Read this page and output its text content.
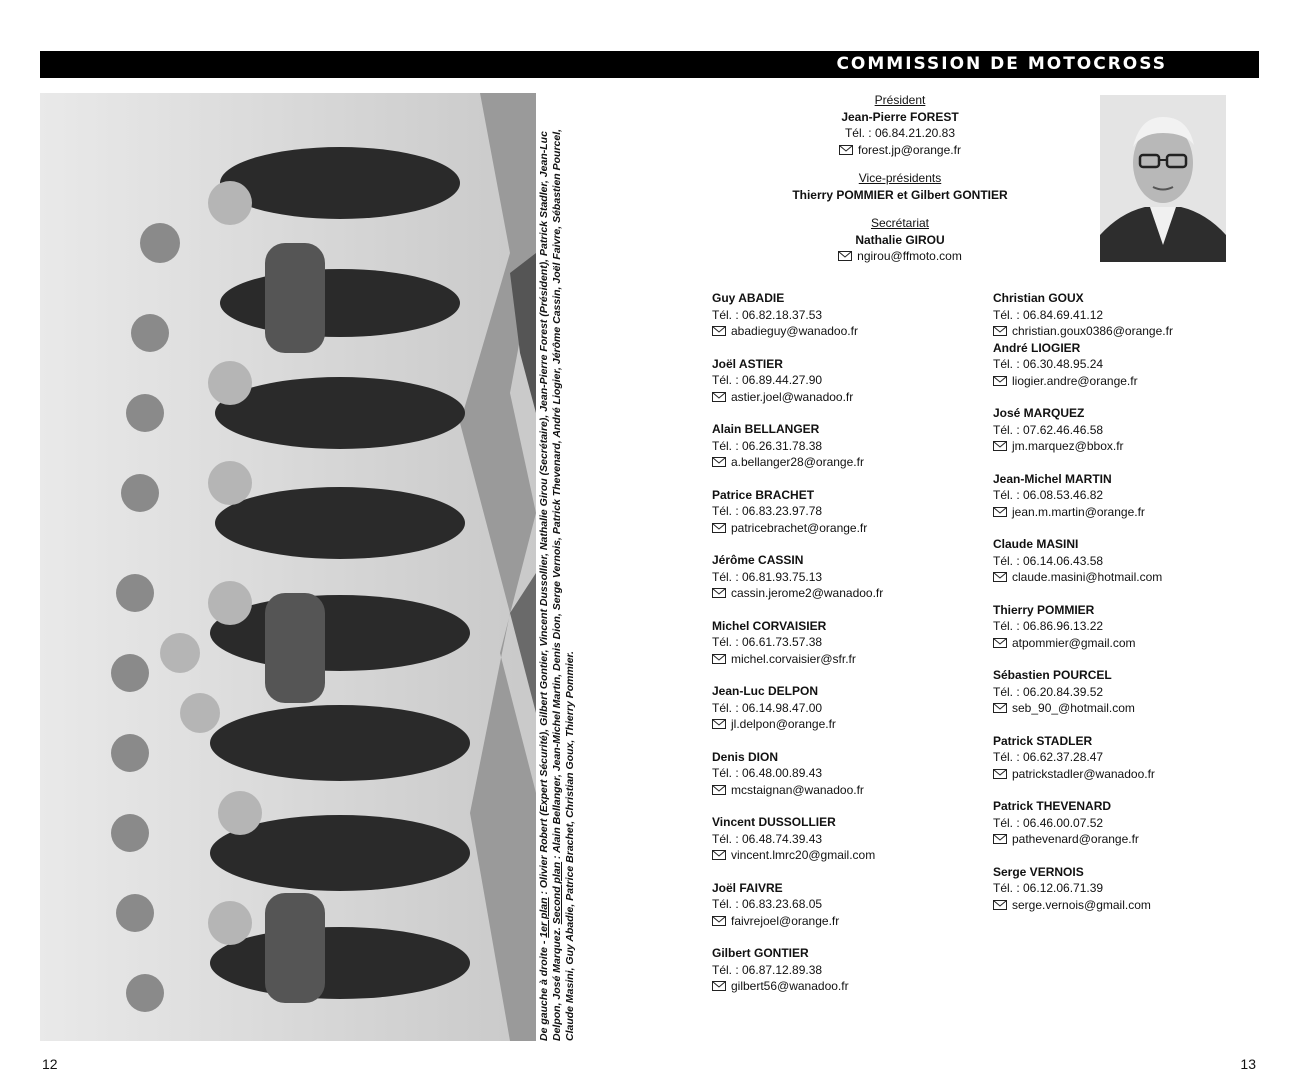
COMMISSION DE MOTOCROSS
De gauche à droite - 1er plan : Olivier Robert (Expert Sécurité), Gilbert Gontier, Vincent Dussollier, Nathalie Girou (Secrétaire), Jean-Pierre Forest (Président), Patrick Stadler, Jean-Luc Delpon, José Marquez. Second plan : Alain Bellanger, Jean-Michel Martin, Denis Dion, Serge Vernois, Patrick Thevenard, André Liogier, Jérôme Cassin, Joël Faivre, Sébastien Pourcel, Claude Masini, Guy Abadie, Patrice Brachet, Christian Goux, Thierry Pommier.
Président
Jean-Pierre FOREST
Tél. : 06.84.21.20.83
forest.jp@orange.fr
Vice-présidents
Thierry POMMIER et Gilbert GONTIER
Secrétariat
Nathalie GIROU
ngirou@ffmoto.com
Guy ABADIE
Tél. : 06.82.18.37.53
abadieguy@wanadoo.fr
Joël ASTIER
Tél. : 06.89.44.27.90
astier.joel@wanadoo.fr
Alain BELLANGER
Tél. : 06.26.31.78.38
a.bellanger28@orange.fr
Patrice BRACHET
Tél. : 06.83.23.97.78
patricebrachet@orange.fr
Jérôme CASSIN
Tél. : 06.81.93.75.13
cassin.jerome2@wanadoo.fr
Michel CORVAISIER
Tél. : 06.61.73.57.38
michel.corvaisier@sfr.fr
Jean-Luc DELPON
Tél. : 06.14.98.47.00
jl.delpon@orange.fr
Denis DION
Tél. : 06.48.00.89.43
mcstaignan@wanadoo.fr
Vincent DUSSOLLIER
Tél. : 06.48.74.39.43
vincent.lmrc20@gmail.com
Joël FAIVRE
Tél. : 06.83.23.68.05
faivrejoel@orange.fr
Gilbert GONTIER
Tél. : 06.87.12.89.38
gilbert56@wanadoo.fr
Christian GOUX
Tél. : 06.84.69.41.12
christian.goux0386@orange.fr
André LIOGIER
Tél. : 06.30.48.95.24
liogier.andre@orange.fr
José MARQUEZ
Tél. : 07.62.46.46.58
jm.marquez@bbox.fr
Jean-Michel MARTIN
Tél. : 06.08.53.46.82
jean.m.martin@orange.fr
Claude MASINI
Tél. : 06.14.06.43.58
claude.masini@hotmail.com
Thierry POMMIER
Tél. : 06.86.96.13.22
atpommier@gmail.com
Sébastien POURCEL
Tél. : 06.20.84.39.52
seb_90_@hotmail.com
Patrick STADLER
Tél. : 06.62.37.28.47
patrickstadler@wanadoo.fr
Patrick THEVENARD
Tél. : 06.46.00.07.52
pathevenard@orange.fr
Serge VERNOIS
Tél. : 06.12.06.71.39
serge.vernois@gmail.com
12	13
